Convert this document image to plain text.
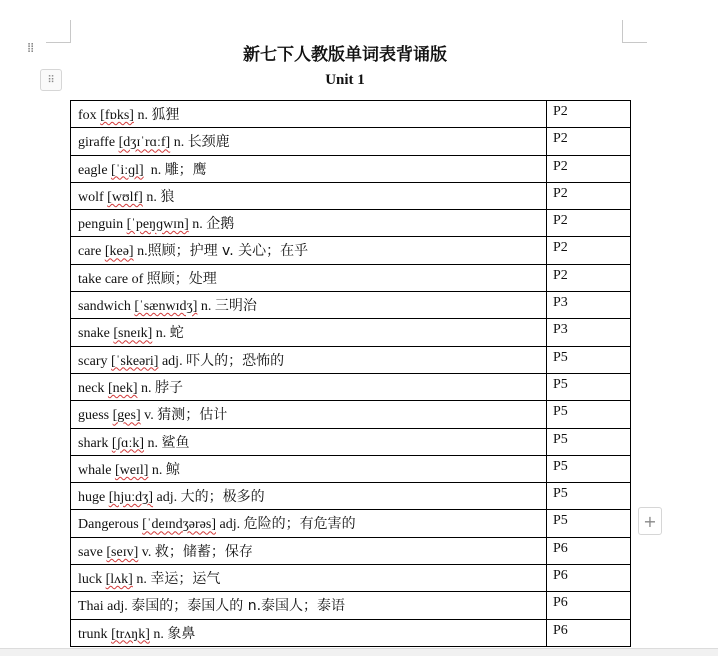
⁞⁞
⠿
新七下人教版单词表背诵版
Unit 1
fox [fɒks] n. 狐狸	P2
giraffe [dʒɪˈrɑːf] n. 长颈鹿	P2
eagle [ˈiːɡl]  n. 雕；鹰	P2
wolf [wʊlf] n. 狼	P2
penguin [ˈpeŋɡwɪn] n. 企鹅	P2
care [keə] n.照顾；护理 v. 关心；在乎	P2
take care of 照顾；处理	P2
sandwich [ˈsænwɪdʒ] n. 三明治	P3
snake [sneɪk] n. 蛇	P3
scary [ˈskeəri] adj. 吓人的；恐怖的	P5
neck [nek] n. 脖子	P5
guess [ges] v. 猜测；估计	P5
shark [ʃɑːk] n. 鲨鱼	P5
whale [weɪl] n. 鲸	P5
huge [hjuːdʒ] adj. 大的；极多的	P5
Dangerous [ˈdeɪndʒərəs] adj. 危险的；有危害的	P5
save [seɪv] v. 救；储蓄；保存	P6
luck [lʌk] n. 幸运；运气	P6
Thai adj. 泰国的；泰国人的 n.泰国人；泰语	P6
trunk [trʌŋk] n. 象鼻	P6
+
